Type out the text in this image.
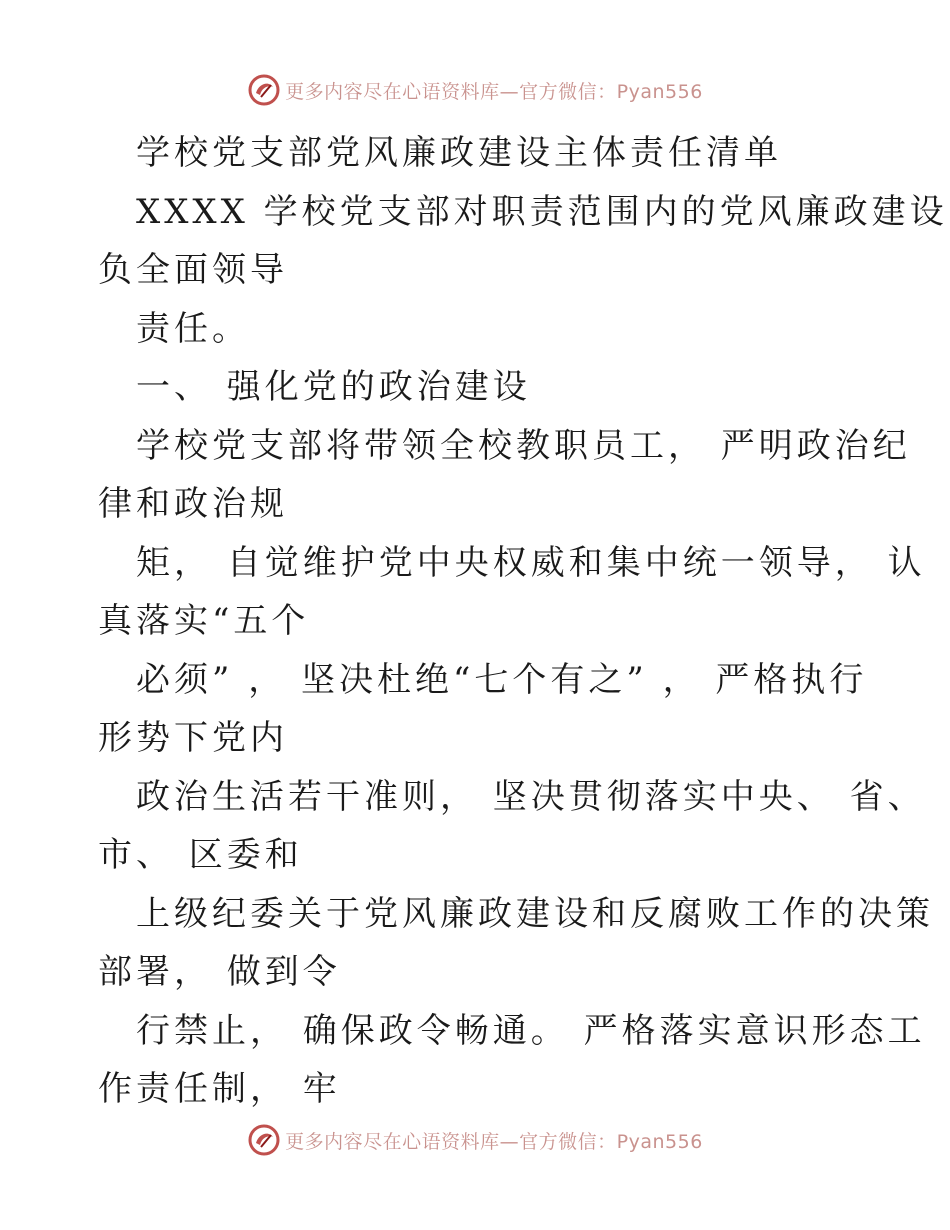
更多内容尽在心语资料库—官方微信：Pyan556
学校党支部党风廉政建设主体责任清单
XXXX 学校党支部对职责范围内的党风廉政建设
负全面领导
责任。
一、 强化党的政治建设
学校党支部将带领全校教职员工， 严明政治纪
律和政治规
矩， 自觉维护党中央权威和集中统一领导， 认
真落实“五个
必须” ， 坚决杜绝“七个有之” ， 严格执行
形势下党内
政治生活若干准则， 坚决贯彻落实中央、 省、
市、 区委和
上级纪委关于党风廉政建设和反腐败工作的决策
部署， 做到令
行禁止， 确保政令畅通。 严格落实意识形态工
作责任制， 牢
更多内容尽在心语资料库—官方微信：Pyan556
